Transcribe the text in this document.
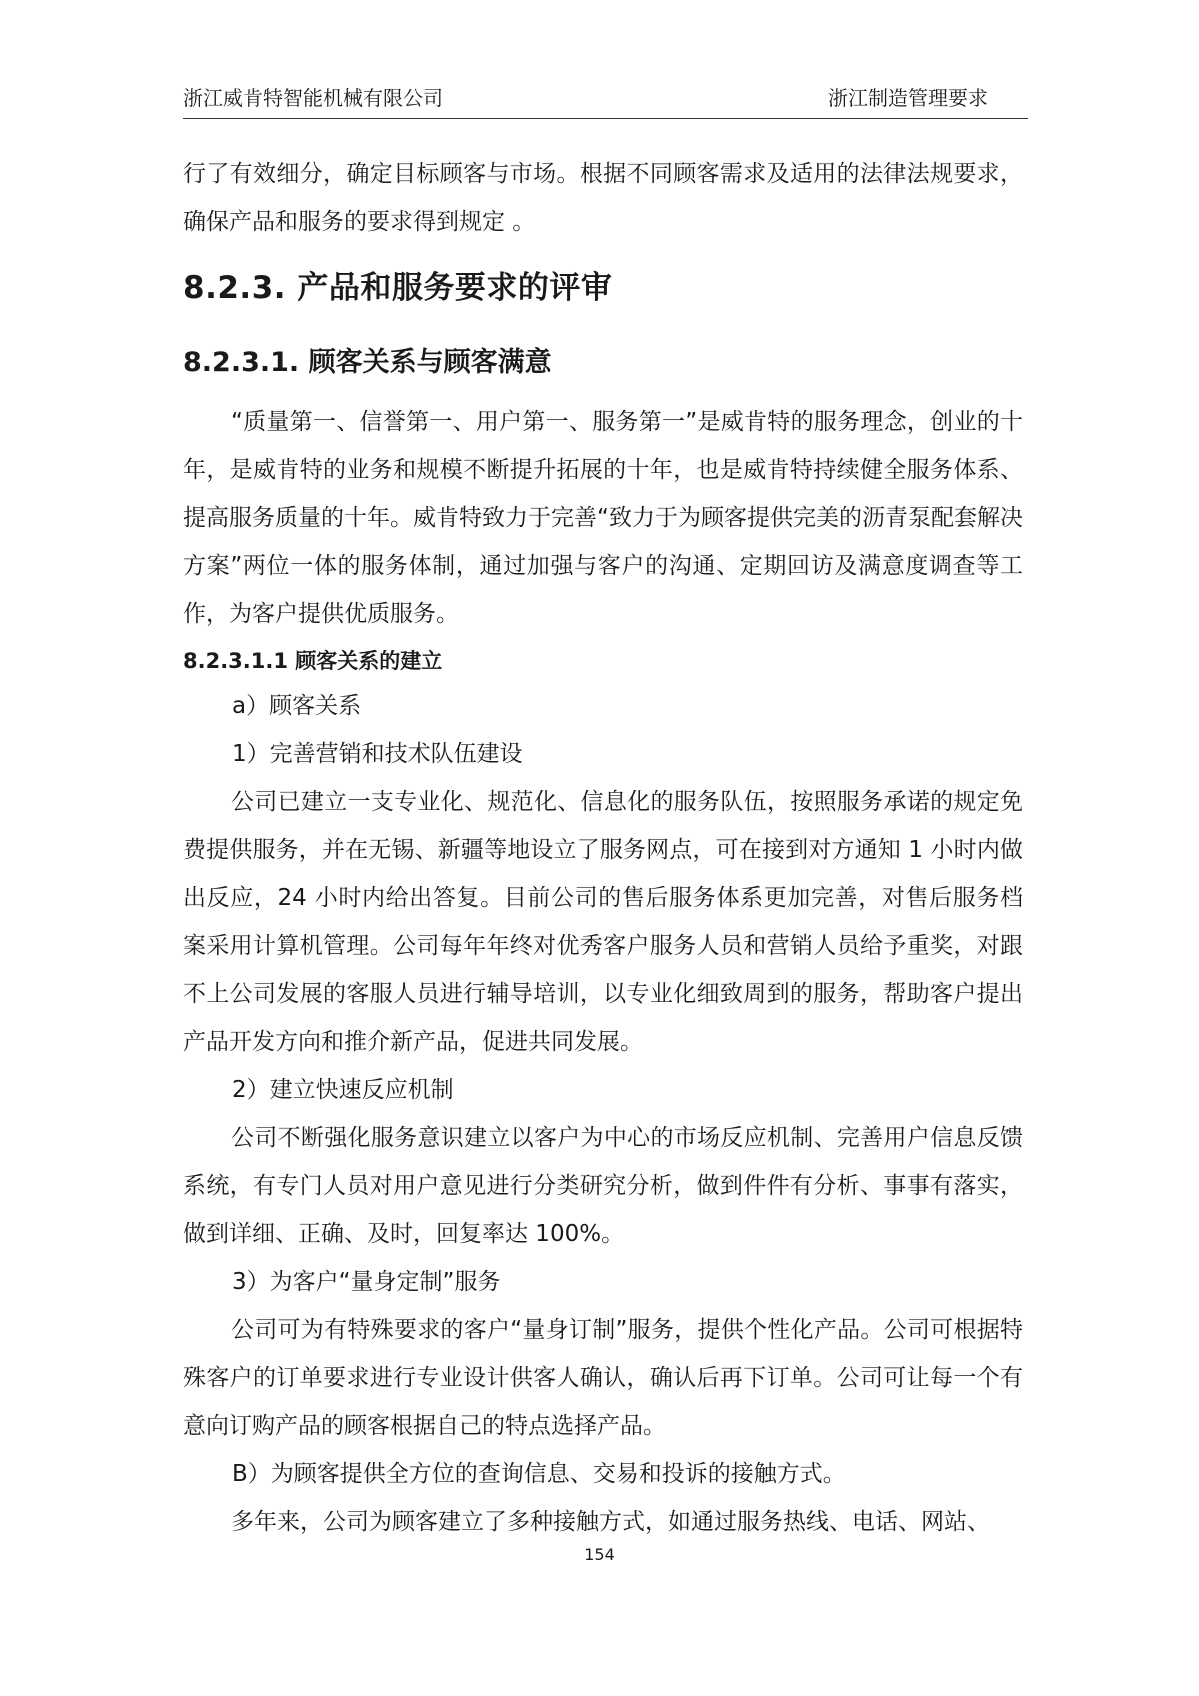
浙江威肯特智能机械有限公司	浙江制造管理要求
行了有效细分，确定目标顾客与市场。根据不同顾客需求及适用的法律法规要求，确保产品和服务的要求得到规定 。
8.2.3. 产品和服务要求的评审
8.2.3.1. 顾客关系与顾客满意
“质量第一、信誉第一、用户第一、服务第一”是威肯特的服务理念，创业的十年，是威肯特的业务和规模不断提升拓展的十年，也是威肯特持续健全服务体系、提高服务质量的十年。威肯特致力于完善“致力于为顾客提供完美的沥青泵配套解决方案”两位一体的服务体制，通过加强与客户的沟通、定期回访及满意度调查等工作，为客户提供优质服务。
8.2.3.1.1 顾客关系的建立
a）顾客关系
1）完善营销和技术队伍建设
公司已建立一支专业化、规范化、信息化的服务队伍，按照服务承诺的规定免费提供服务，并在无锡、新疆等地设立了服务网点，可在接到对方通知 1 小时内做出反应，24 小时内给出答复。目前公司的售后服务体系更加完善，对售后服务档案采用计算机管理。公司每年年终对优秀客户服务人员和营销人员给予重奖，对跟不上公司发展的客服人员进行辅导培训，以专业化细致周到的服务，帮助客户提出产品开发方向和推介新产品，促进共同发展。
2）建立快速反应机制
公司不断强化服务意识建立以客户为中心的市场反应机制、完善用户信息反馈系统，有专门人员对用户意见进行分类研究分析，做到件件有分析、事事有落实，做到详细、正确、及时，回复率达 100%。
3）为客户“量身定制”服务
公司可为有特殊要求的客户“量身订制”服务，提供个性化产品。公司可根据特殊客户的订单要求进行专业设计供客人确认，确认后再下订单。公司可让每一个有意向订购产品的顾客根据自己的特点选择产品。
B）为顾客提供全方位的查询信息、交易和投诉的接触方式。
多年来，公司为顾客建立了多种接触方式，如通过服务热线、电话、网站、
154
